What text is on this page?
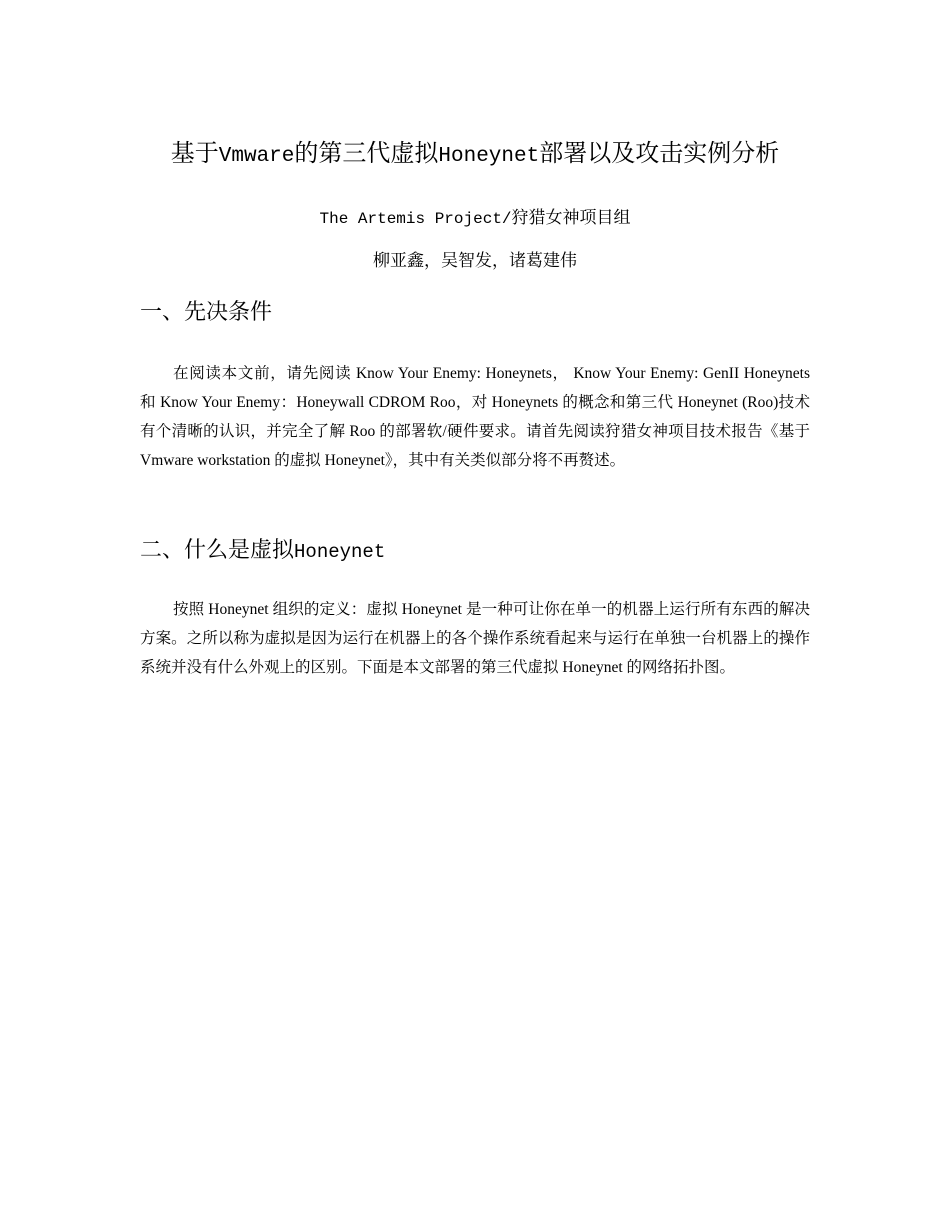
基于Vmware的第三代虚拟Honeynet部署以及攻击实例分析
The Artemis Project/狩猎女神项目组
柳亚鑫，吴智发，诸葛建伟
一、先决条件
在阅读本文前，请先阅读 Know Your Enemy: Honeynets， Know Your Enemy: GenII Honeynets 和 Know Your Enemy：Honeywall CDROM Roo，对 Honeynets 的概念和第三代 Honeynet (Roo)技术有个清晰的认识，并完全了解 Roo 的部署软/硬件要求。请首先阅读狩猎女神项目技术报告《基于 Vmware workstation 的虚拟 Honeynet》，其中有关类似部分将不再赘述。
二、什么是虚拟Honeynet
按照 Honeynet 组织的定义：虚拟 Honeynet 是一种可让你在单一的机器上运行所有东西的解决方案。之所以称为虚拟是因为运行在机器上的各个操作系统看起来与运行在单独一台机器上的操作系统并没有什么外观上的区别。下面是本文部署的第三代虚拟 Honeynet 的网络拓扑图。
